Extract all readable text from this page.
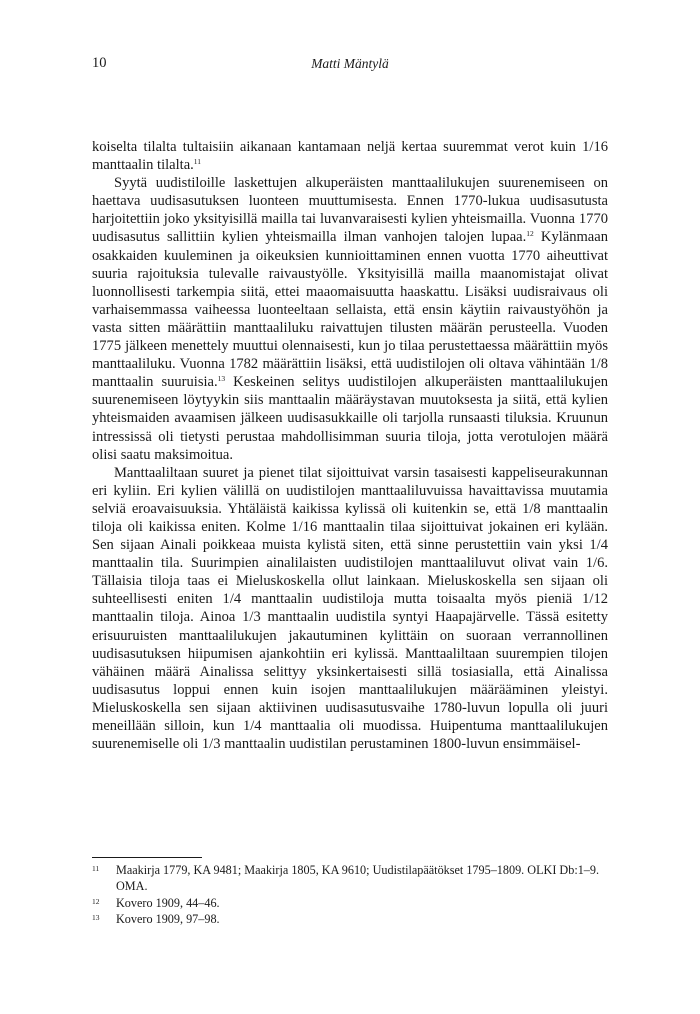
10	Matti Mäntylä

koiselta tilalta tultaisiin aikanaan kantamaan neljä kertaa suuremmat verot kuin 1/16 manttaalin tilalta.$^{11}$

Syytä uudistiloille laskettujen alkuperäisten manttaalilukujen suurenemiseen on haettava uudisasutuksen luonteen muuttumisesta. Ennen 1770-lukua uudisasutusta harjoitettiin joko yksityisillä mailla tai luvanvaraisesti kylien yhteismailla. Vuonna 1770 uudisasutus sallittiin kylien yhteismailla ilman vanhojen talojen lupaa.$^{12}$ Kylänmaan osakkaiden kuuleminen ja oikeuksien kunnioittaminen ennen vuotta 1770 aiheuttivat suuria rajoituksia tulevalle raivaustyölle. Yksityisillä mailla maanomistajat olivat luonnollisesti tarkempia siitä, ettei maaomaisuutta haaskattu. Lisäksi uudisraivaus oli varhaisemmassa vaiheessa luonteeltaan sellaista, että ensin käytiin raivaustyöhön ja vasta sitten määrättiin manttaaliluku raivattujen tilusten määrän perusteella. Vuoden 1775 jälkeen menettely muuttui olennaisesti, kun jo tilaa perustettaessa määrättiin myös manttaaliluku. Vuonna 1782 määrättiin lisäksi, että uudistilojen oli oltava vähintään 1/8 manttaalin suuruisia.$^{13}$ Keskeinen selitys uudistilojen alkuperäisten manttaalilukujen suurenemiseen löytyykin siis manttaalin määräystavan muutoksesta ja siitä, että kylien yhteismaiden avaamisen jälkeen uudisasukkaille oli tarjolla runsaasti tiluksia. Kruunun intressissä oli tietysti perustaa mahdollisimman suuria tiloja, jotta verotulojen määrä olisi saatu maksimoitua.

Manttaaliltaan suuret ja pienet tilat sijoittuivat varsin tasaisesti kappeliseurakunnan eri kyliin. Eri kylien välillä on uudistilojen manttaaliluvuissa havaittavissa muutamia selviä eroavaisuuksia. Yhtäläistä kaikissa kylissä oli kuitenkin se, että 1/8 manttaalin tiloja oli kaikissa eniten. Kolme 1/16 manttaalin tilaa sijoittuivat jokainen eri kylään. Sen sijaan Ainali poikkeaa muista kylistä siten, että sinne perustettiin vain yksi 1/4 manttaalin tila. Suurimpien ainalilaisten uudistilojen manttaaliluvut olivat vain 1/6. Tällaisia tiloja taas ei Mieluskoskella ollut lainkaan. Mieluskoskella sen sijaan oli suhteellisesti eniten 1/4 manttaalin uudistiloja mutta toisaalta myös pieniä 1/12 manttaalin tiloja. Ainoa 1/3 manttaalin uudistila syntyi Haapajärvelle. Tässä esitetty erisuuruisten manttaalilukujen jakautuminen kylittäin on suoraan verrannollinen uudisasutuksen hiipumisen ajankohtiin eri kylissä. Manttaaliltaan suurempien tilojen vähäinen määrä Ainalissa selittyy yksinkertaisesti sillä tosiasialla, että Ainalissa uudisasutus loppui ennen kuin isojen manttaalilukujen määrääminen yleistyi. Mieluskoskella sen sijaan aktiivinen uudisasutusvaihe 1780-luvun lopulla oli juuri meneillään silloin, kun 1/4 manttaalia oli muodissa. Huipentuma manttaalilukujen suurenemiselle oli 1/3 manttaalin uudistilan perustaminen 1800-luvun ensimmäisel-

11 Maakirja 1779, KA 9481; Maakirja 1805, KA 9610; Uudistilapäätökset 1795–1809. OLKI Db:1–9. OMA.
12 Kovero 1909, 44–46.
13 Kovero 1909, 97–98.
